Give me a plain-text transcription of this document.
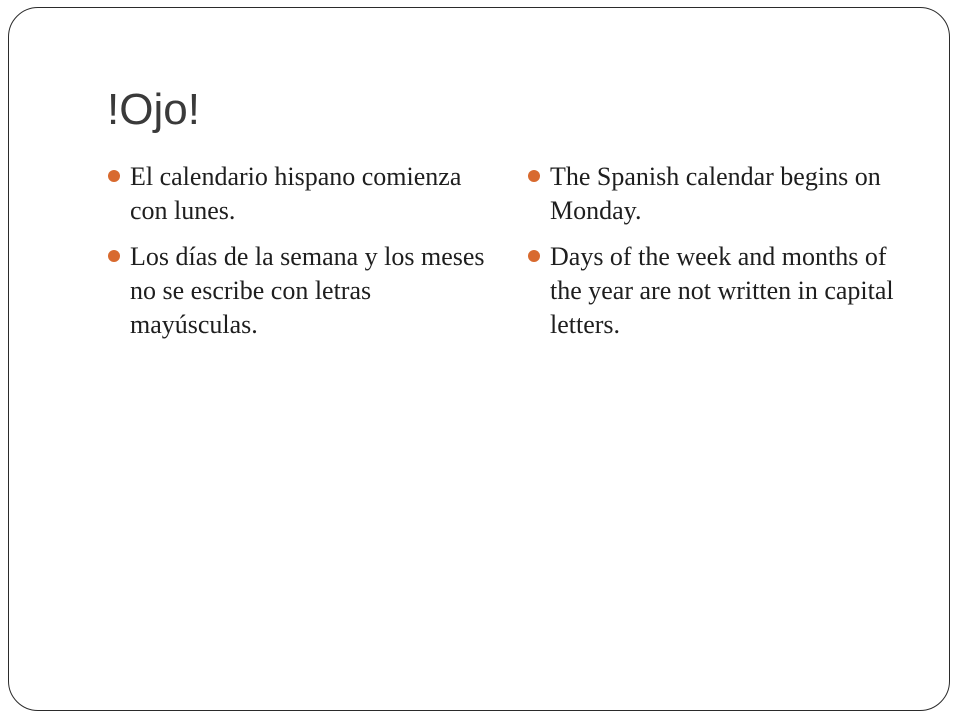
!Ojo!
El calendario hispano comienza con lunes.
Los días de la semana y los meses no se escribe con letras mayúsculas.
The Spanish calendar begins on Monday.
Days of the week and months of the year are not written in capital letters.
